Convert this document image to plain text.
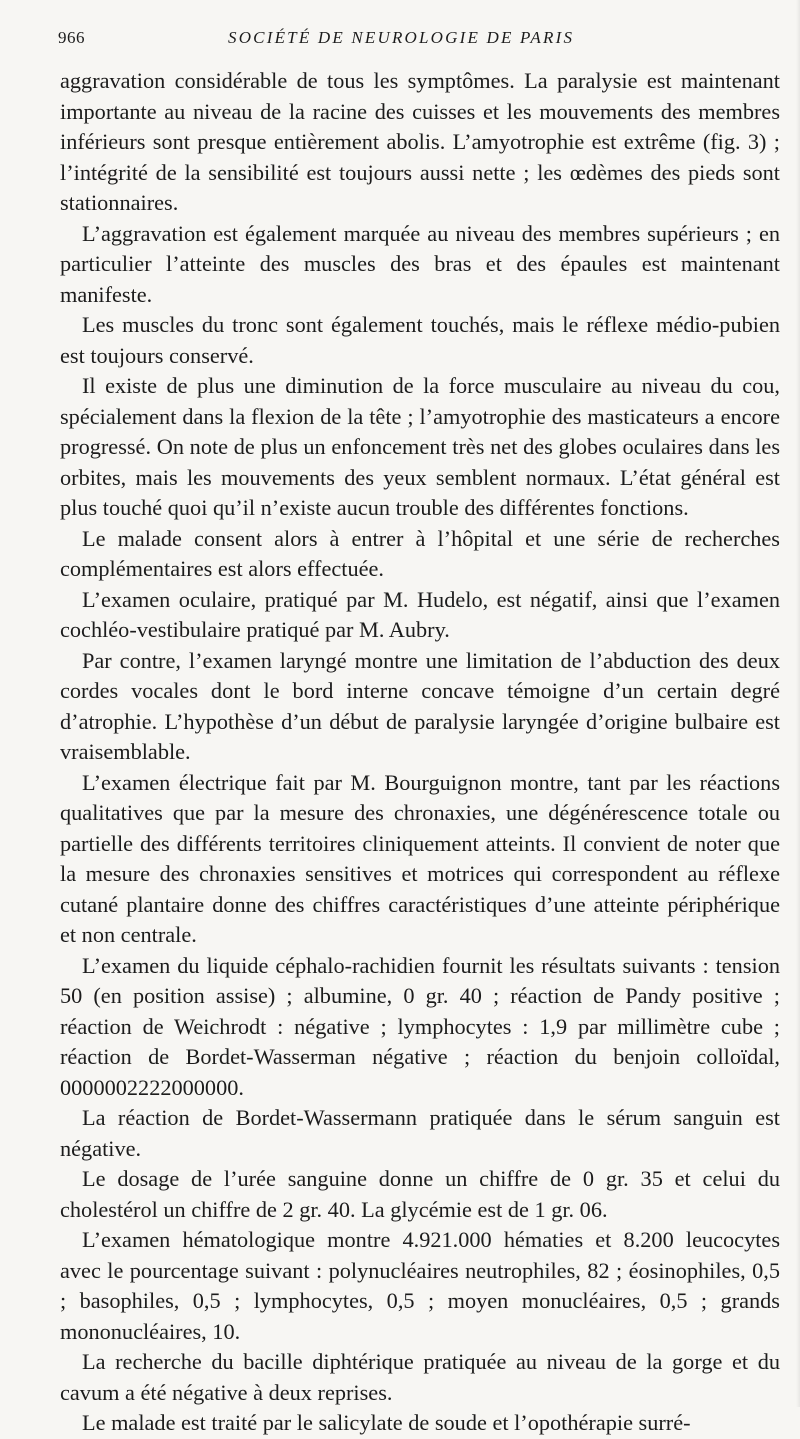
966	SOCIÉTÉ DE NEUROLOGIE DE PARIS

aggravation considérable de tous les symptômes. La paralysie est maintenant importante au niveau de la racine des cuisses et les mouvements des membres inférieurs sont presque entièrement abolis. L’amyotrophie est extrême (fig. 3) ; l’intégrité de la sensibilité est toujours aussi nette ; les œdèmes des pieds sont stationnaires.

L’aggravation est également marquée au niveau des membres supérieurs ; en particulier l’atteinte des muscles des bras et des épaules est maintenant manifeste.

Les muscles du tronc sont également touchés, mais le réflexe médio-pubien est toujours conservé.

Il existe de plus une diminution de la force musculaire au niveau du cou, spécialement dans la flexion de la tête ; l’amyotrophie des masticateurs a encore progressé. On note de plus un enfoncement très net des globes oculaires dans les orbites, mais les mouvements des yeux semblent normaux. L’état général est plus touché quoi qu’il n’existe aucun trouble des différentes fonctions.

Le malade consent alors à entrer à l’hôpital et une série de recherches complémentaires est alors effectuée.

L’examen oculaire, pratiqué par M. Hudelo, est négatif, ainsi que l’examen cochléo-vestibulaire pratiqué par M. Aubry.

Par contre, l’examen laryngé montre une limitation de l’abduction des deux cordes vocales dont le bord interne concave témoigne d’un certain degré d’atrophie. L’hypothèse d’un début de paralysie laryngée d’origine bulbaire est vraisemblable.

L’examen électrique fait par M. Bourguignon montre, tant par les réactions qualitatives que par la mesure des chronaxies, une dégénérescence totale ou partielle des différents territoires cliniquement atteints. Il convient de noter que la mesure des chronaxies sensitives et motrices qui correspondent au réflexe cutané plantaire donne des chiffres caractéristiques d’une atteinte périphérique et non centrale.

L’examen du liquide céphalo-rachidien fournit les résultats suivants : tension 50 (en position assise) ; albumine, 0 gr. 40 ; réaction de Pandy positive ; réaction de Weichrodt : négative ; lymphocytes : 1,9 par millimètre cube ; réaction de Bordet-Wasserman négative ; réaction du benjoin colloïdal, 0000002222000000.

La réaction de Bordet-Wassermann pratiquée dans le sérum sanguin est négative.

Le dosage de l’urée sanguine donne un chiffre de 0 gr. 35 et celui du cholestérol un chiffre de 2 gr. 40. La glycémie est de 1 gr. 06.

L’examen hématologique montre 4.921.000 hématies et 8.200 leucocytes avec le pourcentage suivant : polynucléaires neutrophiles, 82 ; éosinophiles, 0,5 ; basophiles, 0,5 ; lymphocytes, 0,5 ; moyen monucléaires, 0,5 ; grands mononucléaires, 10.

La recherche du bacille diphtérique pratiquée au niveau de la gorge et du cavum a été négative à deux reprises.

Le malade est traité par le salicylate de soude et l’opothérapie surré-
